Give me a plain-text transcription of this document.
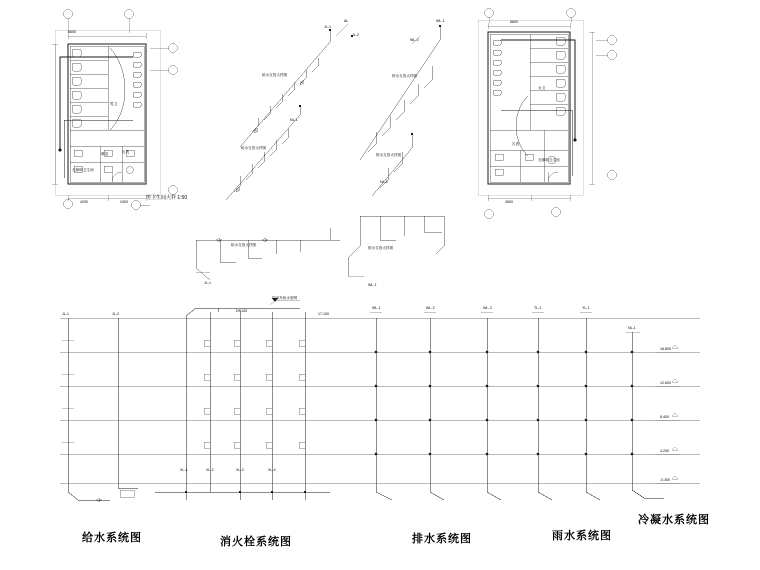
给水系统图	消火栓系统图	排水系统图	雨水系统图
冷凝水系统图
男卫生间大样 1:50
男卫
污洗
无障碍卫生间
淋浴
6600
4200	2400
女卫
污洗
无障碍卫生间
6600
4500
给水支管大样图	排水支管大样图
给水支管大样图
排水支管大样图
给水支管大样图
排水支管大样图
JL-1
JL-2
AL	WL-1
WL-2
NL-1
NL-2
JL-1	WL-1
接室外给水管网
DN100
17.100
16.800
12.600
8.400
4.200
-0.300
XL-1	XL-2	XL-3	XL-4
WL-1	WL-2	WL-3	TL-1	YL-1
NL-1
JL-1	JL-2
